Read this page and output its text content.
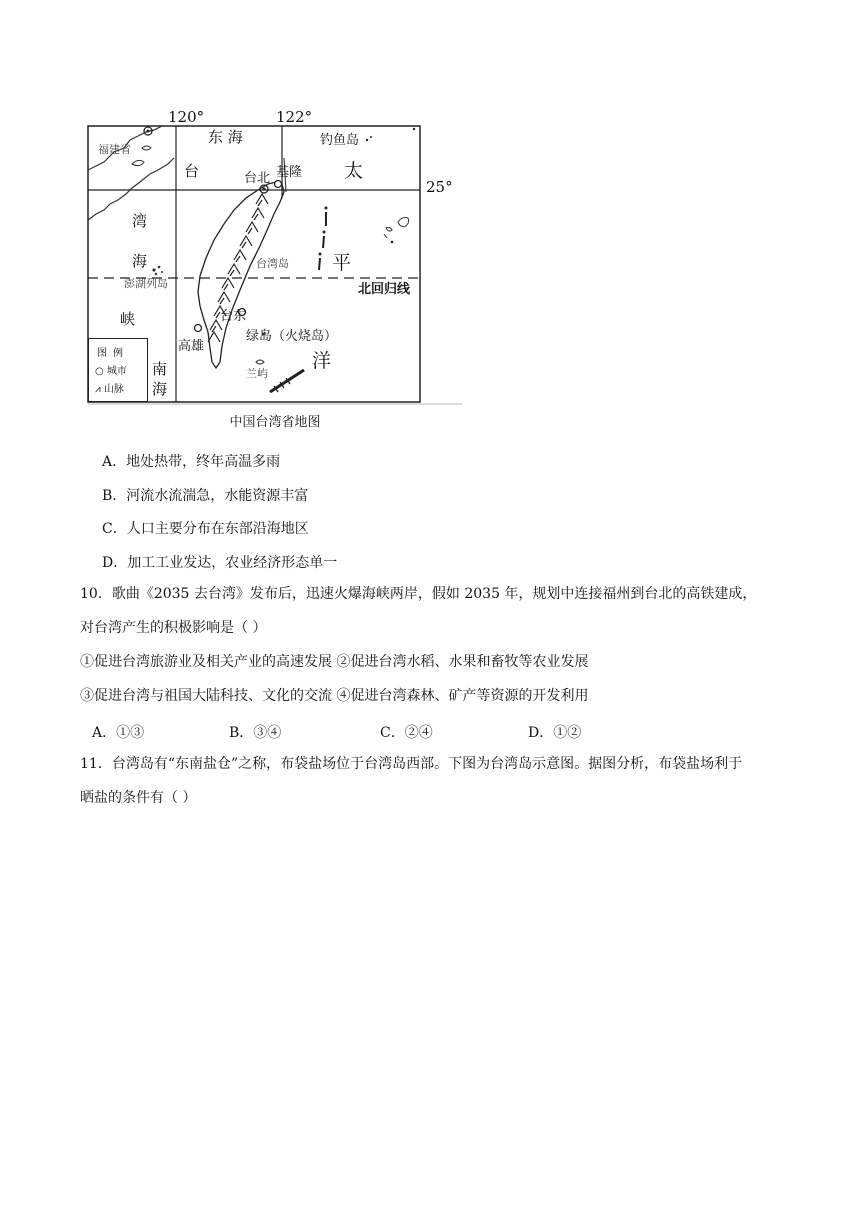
120°	122°
25°
东 海	钓鱼岛
福建省
台
湾
海
峡
台北 基隆
台湾岛
澎湖列岛
太
平
洋
北回归线
台东
绿岛（火烧岛）
高雄
兰屿
南
海
图例
○ 城市
⩘ 山脉
中国台湾省地图
A．地处热带，终年高温多雨
B．河流水流湍急，水能资源丰富
C．人口主要分布在东部沿海地区
D．加工工业发达，农业经济形态单一
10．歌曲《2035 去台湾》发布后，迅速火爆海峡两岸，假如 2035 年，规划中连接福州到台北的高铁建成，
对台湾产生的积极影响是（ ）
①促进台湾旅游业及相关产业的高速发展 ②促进台湾水稻、水果和畜牧等农业发展
③促进台湾与祖国大陆科技、文化的交流 ④促进台湾森林、矿产等资源的开发利用
A．①③	B．③④	C．②④	D．①②
11．台湾岛有“东南盐仓”之称，布袋盐场位于台湾岛西部。下图为台湾岛示意图。据图分析，布袋盐场利于
晒盐的条件有（ ）
